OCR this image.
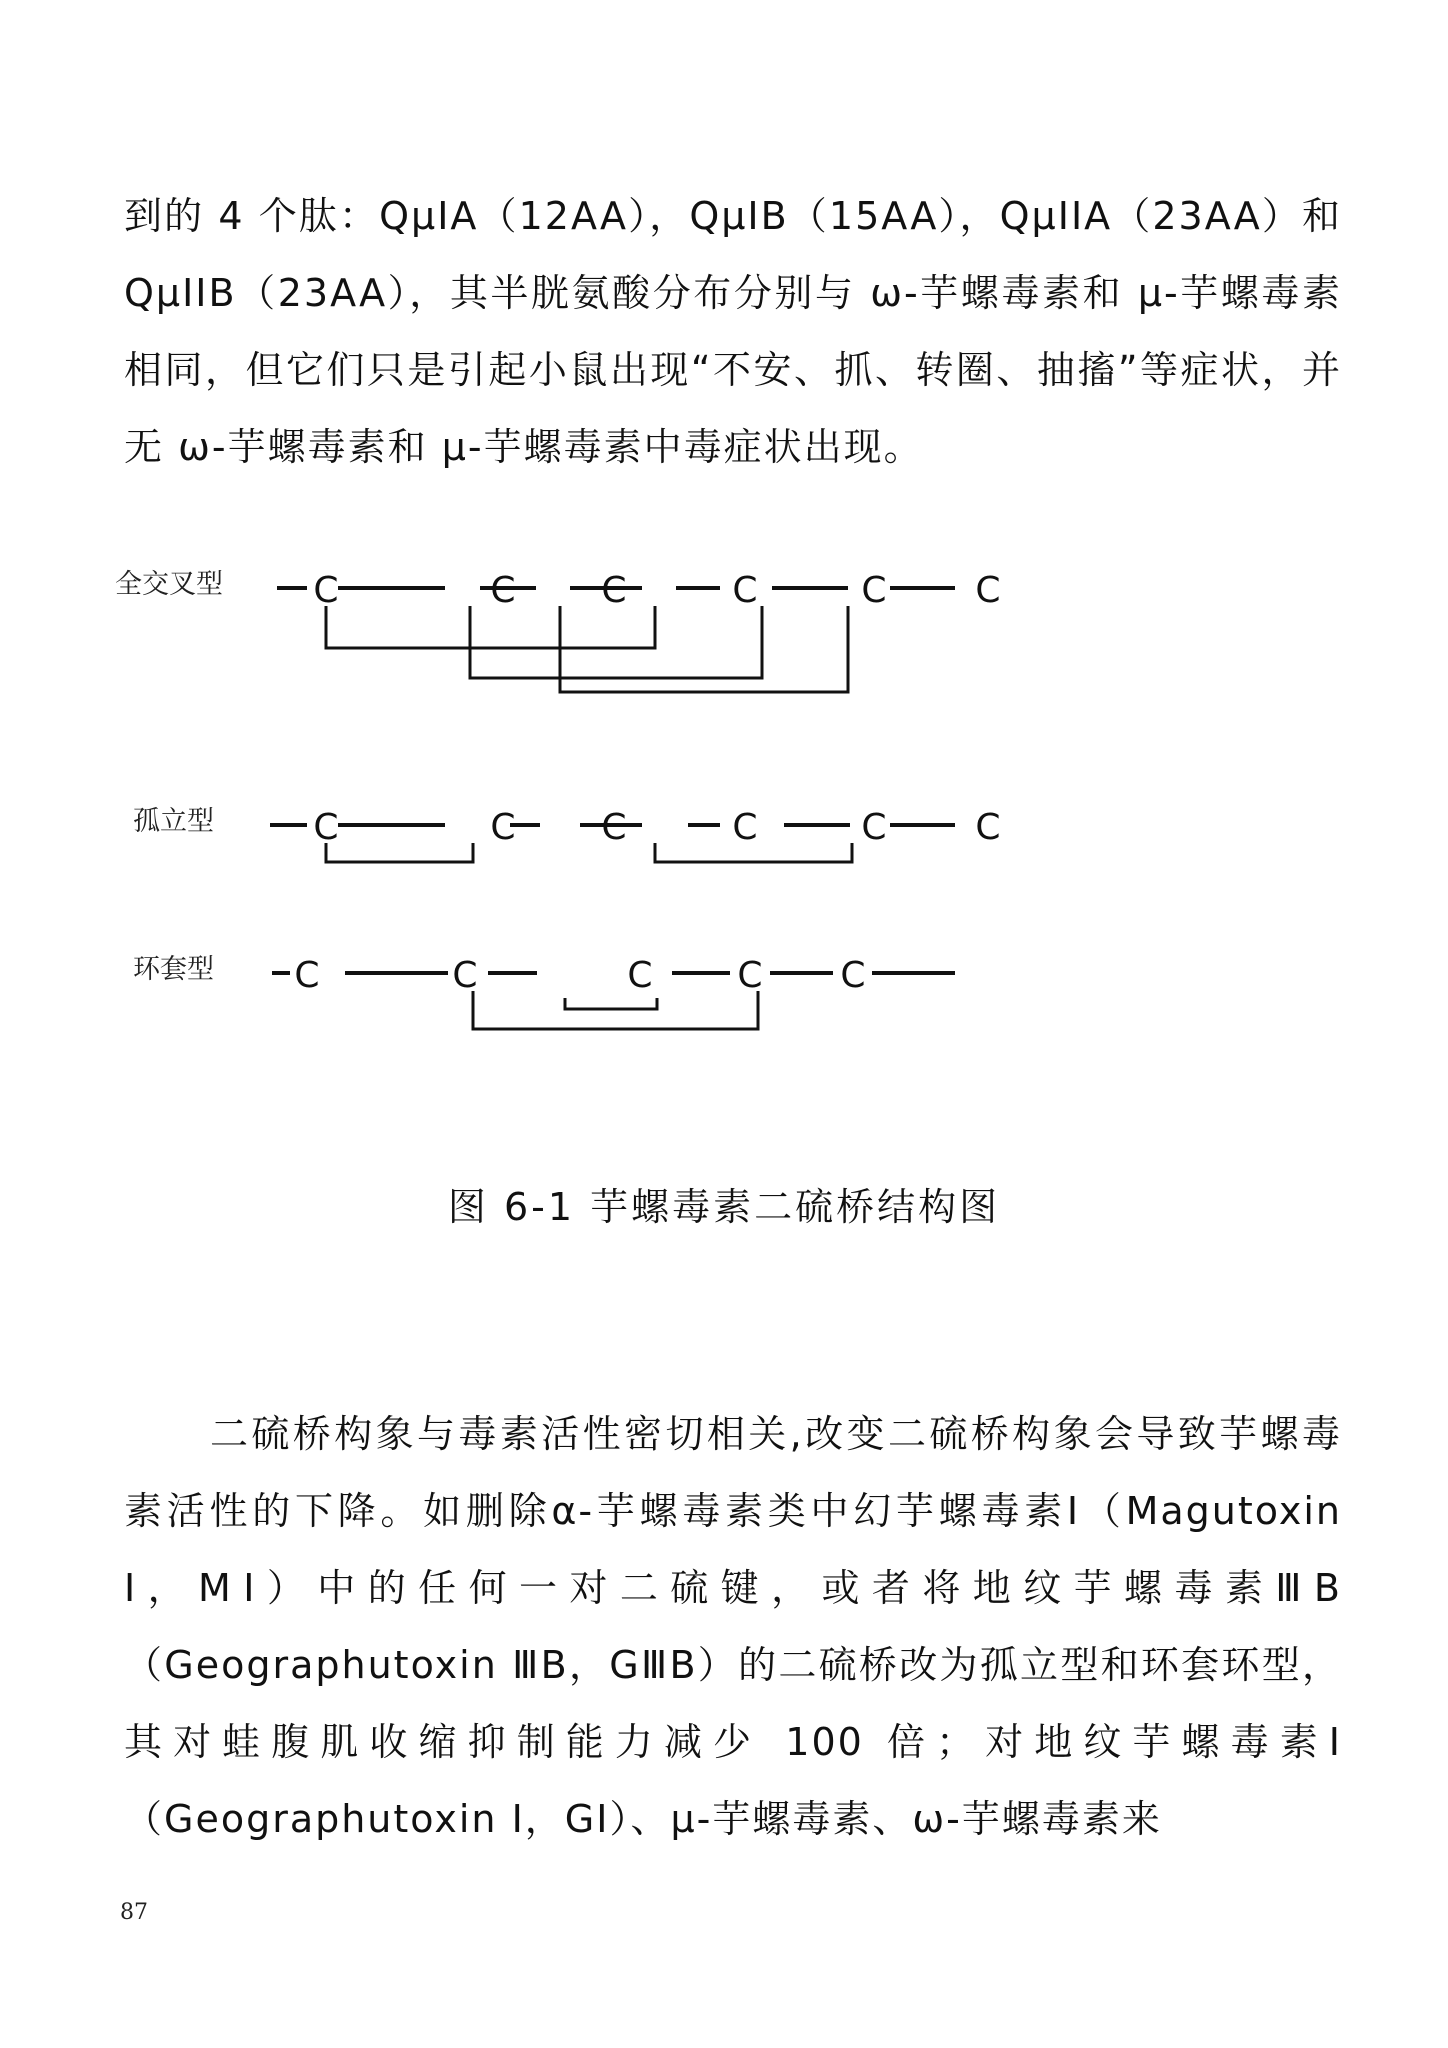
到的 4 个肽：QμIA（12AA），QμIB（15AA），QμIIA（23AA）和 QμIIB（23AA），其半胱氨酸分布分别与 ω-芋螺毒素和 μ-芋螺毒素相同，但它们只是引起小鼠出现“不安、抓、转圈、抽搐”等症状，并无 ω-芋螺毒素和 μ-芋螺毒素中毒症状出现。

全交叉型	C	C C	C	C C
孤立型	C	C C	C	C C
环套型 C	C	C C C
图 6-1 芋螺毒素二硫桥结构图

二硫桥构象与毒素活性密切相关,改变二硫桥构象会导致芋螺毒素活性的下降。如删除α-芋螺毒素类中幻芋螺毒素Ⅰ（Magutoxin Ⅰ，MⅠ）中的任何一对二硫键，或者将地纹芋螺毒素ⅢB（Geographutoxin ⅢB，GⅢB）的二硫桥改为孤立型和环套环型，其对蛙腹肌收缩抑制能力减少 100 倍；对地纹芋螺毒素Ⅰ（Geographutoxin Ⅰ，GⅠ）、μ-芋螺毒素、ω-芋螺毒素来

87
